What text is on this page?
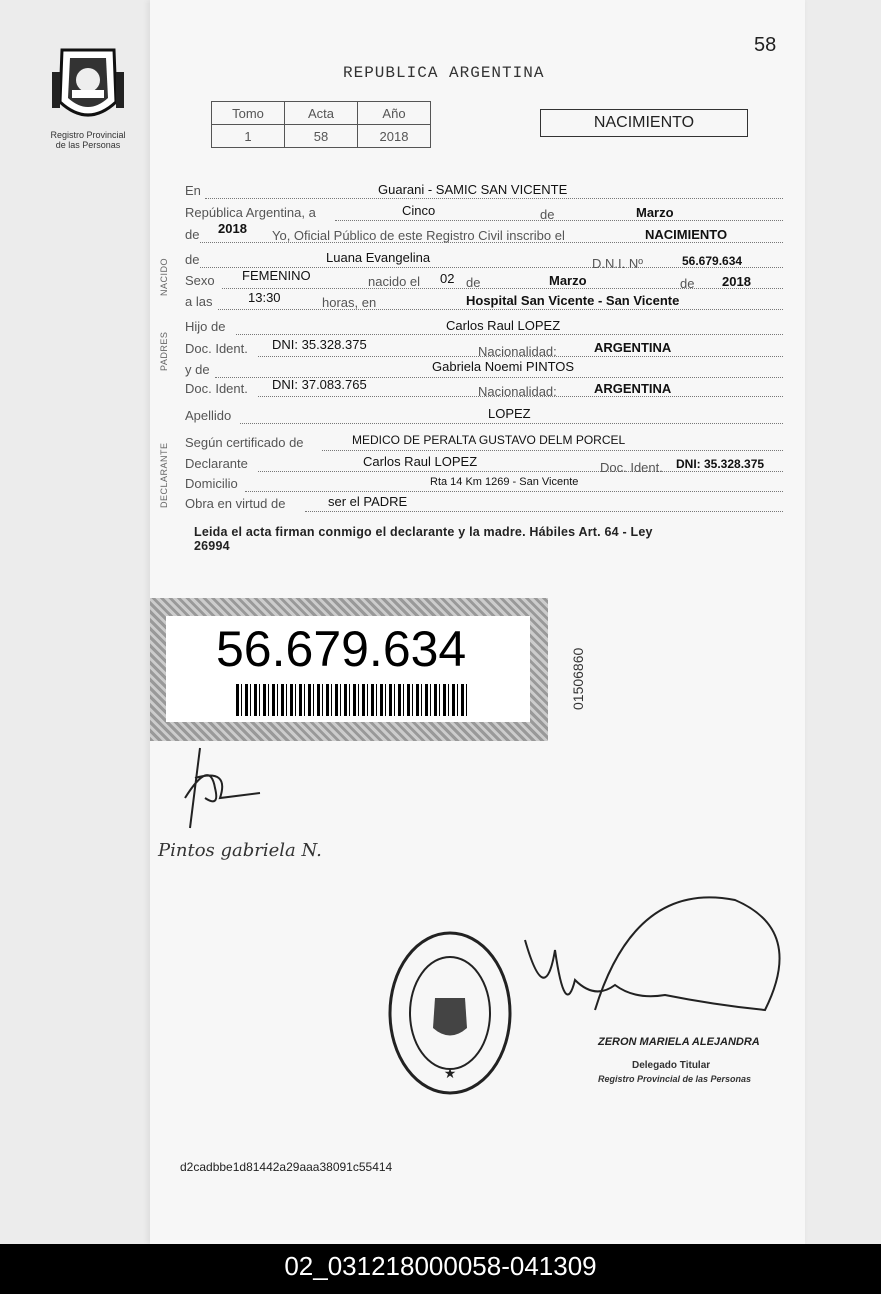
Registro Provincial
de las Personas
58
REPUBLICA ARGENTINA
Tomo	Acta	Año
1	58	2018
NACIMIENTO
En	Guarani - SAMIC SAN VICENTE
República Argentina, a	Cinco	de	Marzo
de 2018 Yo, Oficial Público de este Registro Civil inscribo el	NACIMIENTO
NACIDO de	Luana Evangelina	D.N.I. Nº	56.679.634
Sexo FEMENINO	nacido el 02 de	Marzo	de 2018
a las	13:30	horas, en	Hospital San Vicente - San Vicente
PADRES
Hijo de	Carlos Raul LOPEZ
Doc. Ident. DNI: 35.328.375	Nacionalidad:	ARGENTINA
y de	Gabriela Noemi PINTOS
Doc. Ident. DNI: 37.083.765	Nacionalidad:	ARGENTINA
Apellido	LOPEZ
DECLARANTE Según certificado de	MEDICO DE PERALTA GUSTAVO DELM PORCEL
Declarante	Carlos Raul LOPEZ	Doc. Ident. DNI: 35.328.375
Domicilio	Rta 14 Km 1269 - San Vicente
Obra en virtud de	ser el PADRE
Leida el acta firman conmigo el declarante y la madre. Hábiles Art. 64 - Ley
26994
56.679.634	01506860
Pintos gabriela N.
★
ZERON MARIELA ALEJANDRA
Delegado Titular
Registro Provincial de las Personas
d2cadbbe1d81442a29aaa38091c55414
02_031218000058-041309
